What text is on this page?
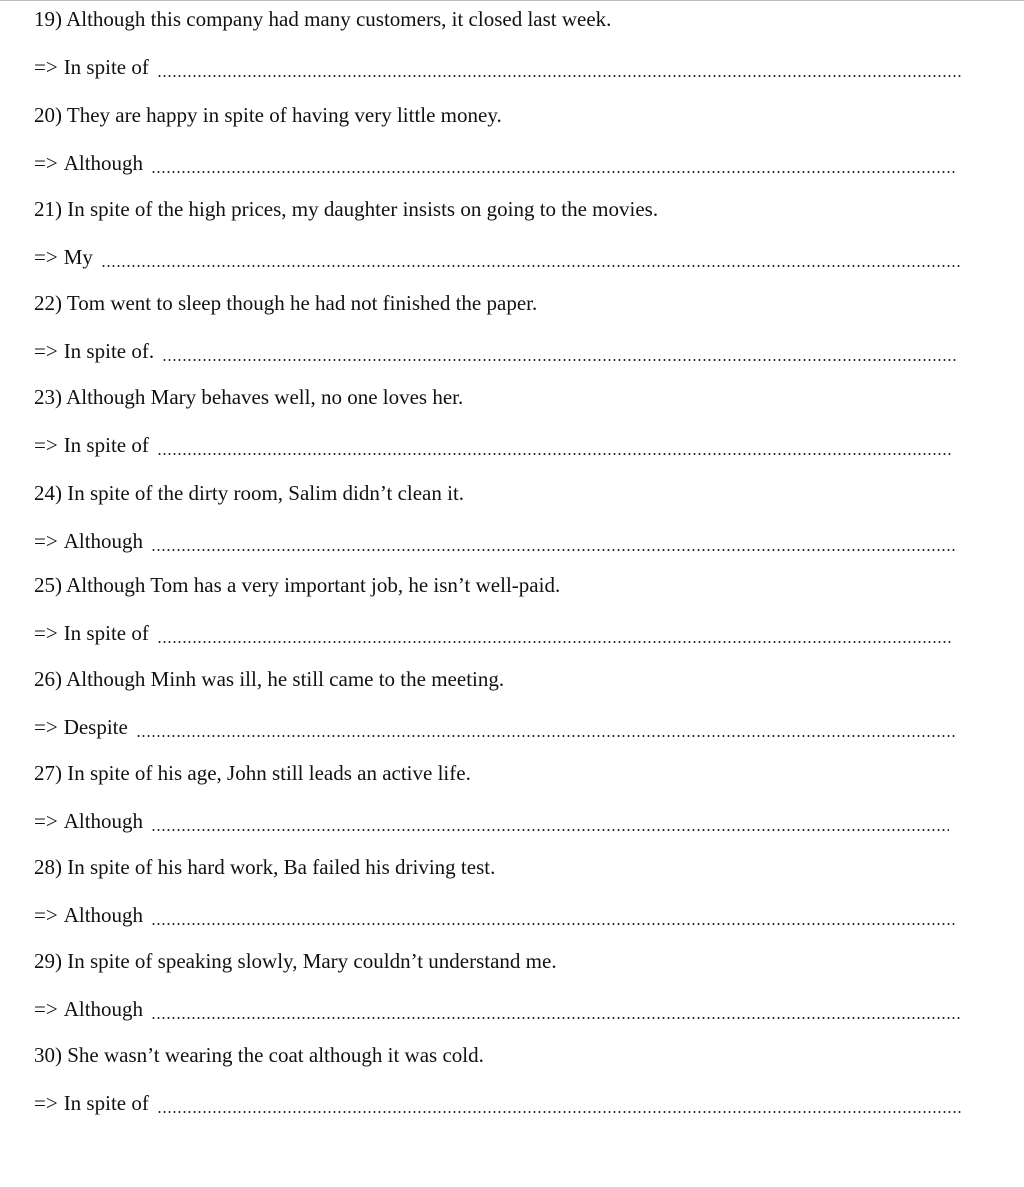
19) Although this company had many customers, it closed last week.
=> In spite of
20) They are happy in spite of having very little money.
=> Although
21) In spite of the high prices, my daughter insists on going to the movies.
=> My
22) Tom went to sleep though he had not finished the paper.
=> In spite of.
23) Although Mary behaves well, no one loves her.
=> In spite of
24) In spite of the dirty room, Salim didn’t clean it.
=> Although
25) Although Tom has a very important job, he isn’t well-paid.
=> In spite of
26) Although Minh was ill, he still came to the meeting.
=> Despite
27) In spite of his age, John still leads an active life.
=> Although
28) In spite of his hard work, Ba failed his driving test.
=> Although
29) In spite of speaking slowly, Mary couldn’t understand me.
=> Although
30) She wasn’t wearing the coat although it was cold.
=> In spite of
